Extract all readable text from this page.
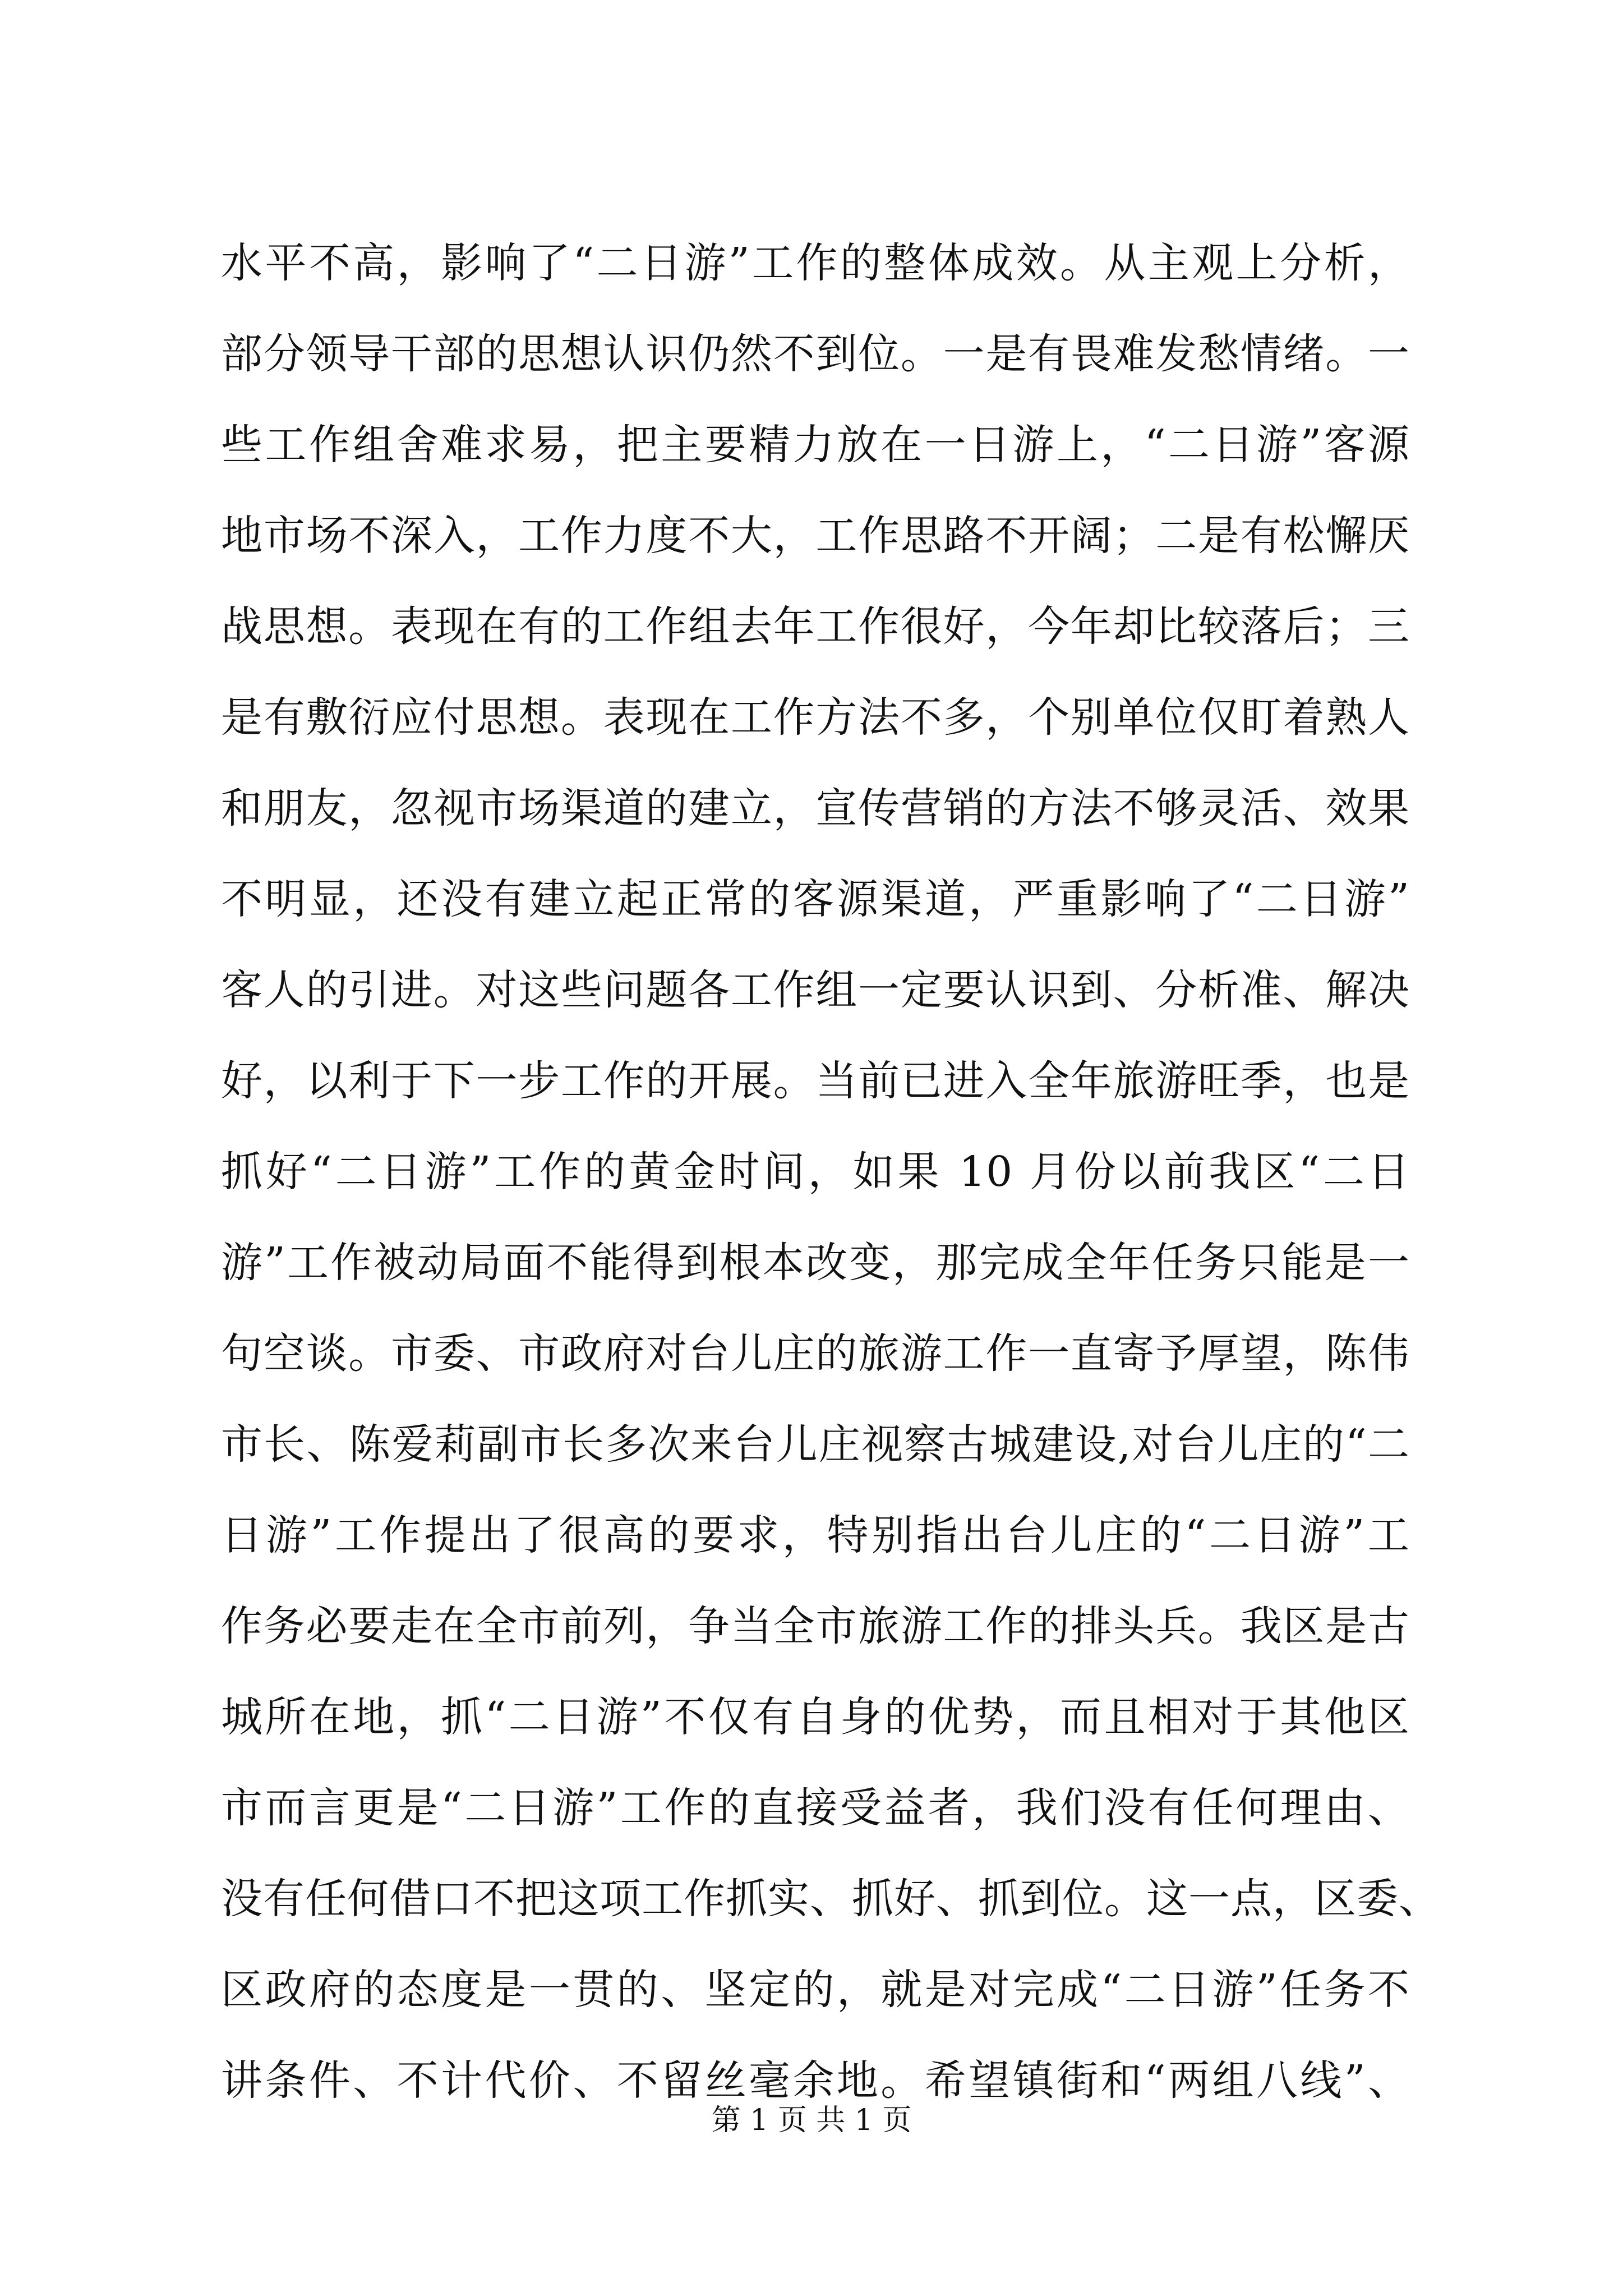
水平不高，影响了“二日游”工作的整体成效。从主观上分析，
部分领导干部的思想认识仍然不到位。一是有畏难发愁情绪。一
些工作组舍难求易，把主要精力放在一日游上，“二日游”客源
地市场不深入，工作力度不大，工作思路不开阔；二是有松懈厌
战思想。表现在有的工作组去年工作很好，今年却比较落后；三
是有敷衍应付思想。表现在工作方法不多，个别单位仅盯着熟人
和朋友，忽视市场渠道的建立，宣传营销的方法不够灵活、效果
不明显，还没有建立起正常的客源渠道，严重影响了“二日游”
客人的引进。对这些问题各工作组一定要认识到、分析准、解决
好，以利于下一步工作的开展。当前已进入全年旅游旺季，也是
抓好“二日游”工作的黄金时间，如果 10 月份以前我区“二日
游”工作被动局面不能得到根本改变，那完成全年任务只能是一
句空谈。市委、市政府对台儿庄的旅游工作一直寄予厚望，陈伟
市长、陈爱莉副市长多次来台儿庄视察古城建设,对台儿庄的“二
日游”工作提出了很高的要求，特别指出台儿庄的“二日游”工
作务必要走在全市前列，争当全市旅游工作的排头兵。我区是古
城所在地，抓“二日游”不仅有自身的优势，而且相对于其他区
市而言更是“二日游”工作的直接受益者，我们没有任何理由、
没有任何借口不把这项工作抓实、抓好、抓到位。这一点，区委、
区政府的态度是一贯的、坚定的，就是对完成“二日游”任务不
讲条件、不计代价、不留丝毫余地。希望镇街和“两组八线”、
第 1 页 共 1 页
